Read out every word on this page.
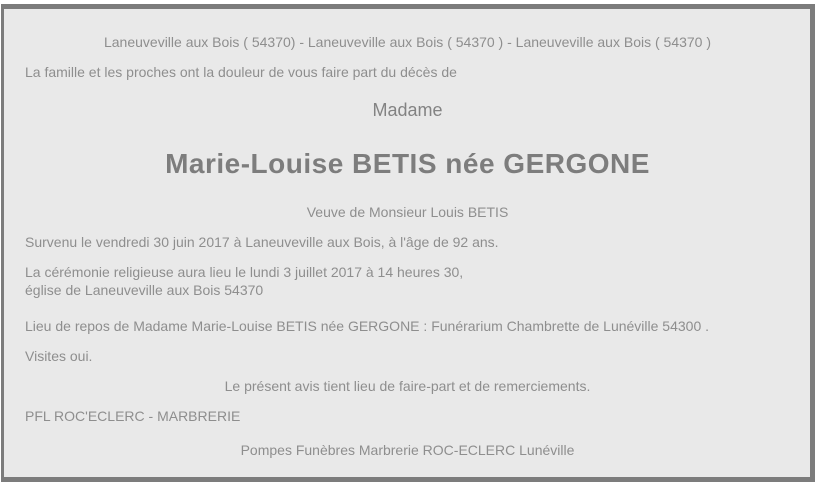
Laneuveville aux Bois ( 54370) - Laneuveville aux Bois ( 54370 ) - Laneuveville aux Bois ( 54370 )

La famille et les proches ont la douleur de vous faire part du décès de

Madame

Marie-Louise BETIS née GERGONE

Veuve de Monsieur Louis BETIS

Survenu le vendredi 30 juin 2017 à Laneuveville aux Bois, à l'âge de 92 ans.

La cérémonie religieuse aura lieu le lundi 3 juillet 2017 à 14 heures 30,
église de Laneuveville aux Bois 54370

Lieu de repos de Madame Marie-Louise BETIS née GERGONE : Funérarium Chambrette de Lunéville 54300 .

Visites oui.

Le présent avis tient lieu de faire-part et de remerciements.

PFL ROC'ECLERC - MARBRERIE

Pompes Funèbres Marbrerie ROC-ECLERC Lunéville
